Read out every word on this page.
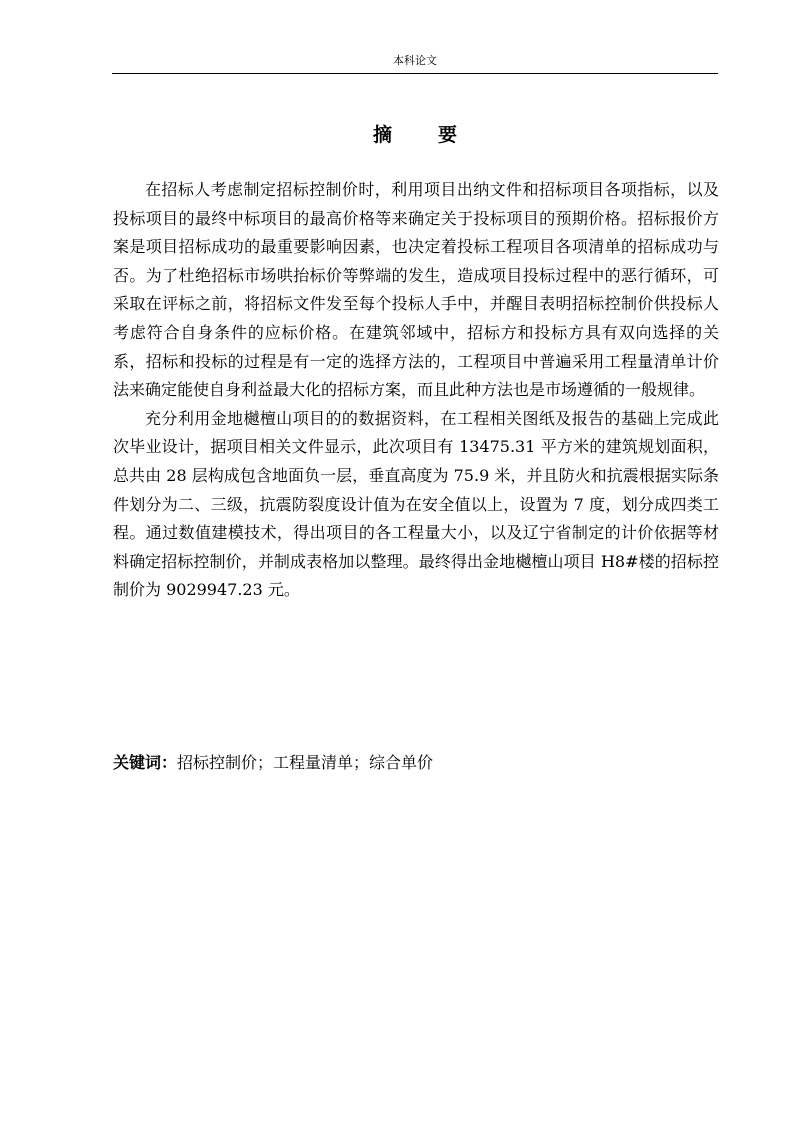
本科论文
摘 要

在招标人考虑制定招标控制价时，利用项目出纳文件和招标项目各项指标，以及投标项目的最终中标项目的最高价格等来确定关于投标项目的预期价格。招标报价方案是项目招标成功的最重要影响因素，也决定着投标工程项目各项清单的招标成功与否。为了杜绝招标市场哄抬标价等弊端的发生，造成项目投标过程中的恶行循环，可采取在评标之前，将招标文件发至每个投标人手中，并醒目表明招标控制价供投标人考虑符合自身条件的应标价格。在建筑邻域中，招标方和投标方具有双向选择的关系，招标和投标的过程是有一定的选择方法的，工程项目中普遍采用工程量清单计价法来确定能使自身利益最大化的招标方案，而且此种方法也是市场遵循的一般规律。

充分利用金地樾檀山项目的的数据资料，在工程相关图纸及报告的基础上完成此次毕业设计，据项目相关文件显示，此次项目有 13475.31 平方米的建筑规划面积，总共由 28 层构成包含地面负一层，垂直高度为 75.9 米，并且防火和抗震根据实际条件划分为二、三级，抗震防裂度设计值为在安全值以上，设置为 7 度，划分成四类工程。通过数值建模技术，得出项目的各工程量大小，以及辽宁省制定的计价依据等材料确定招标控制价，并制成表格加以整理。最终得出金地樾檀山项目 H8#楼的招标控制价为 9029947.23 元。

关键词：招标控制价；工程量清单；综合单价
